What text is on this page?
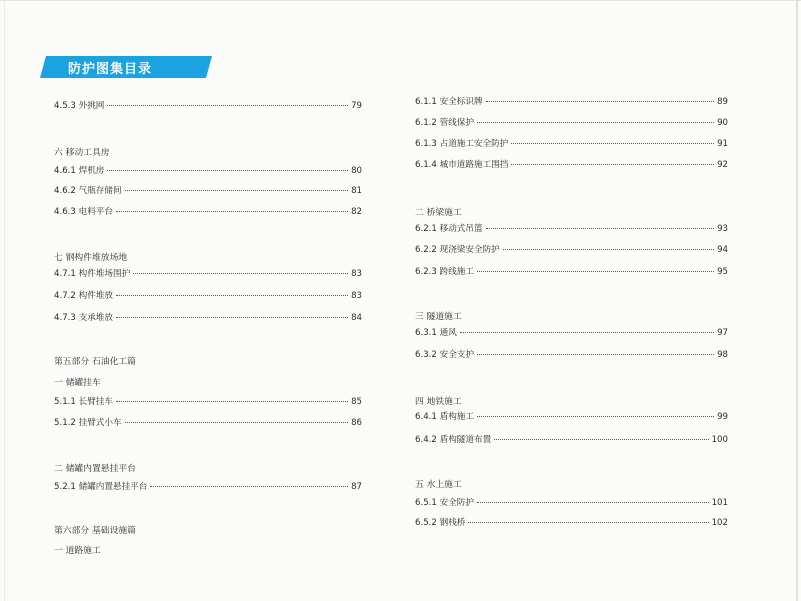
防护图集目录
4.5.3 外挑网	79
六 移动工具房
4.6.1 焊机房	80
4.6.2 气瓶存储间	81
4.6.3 电料平台	82
七 钢构件堆放场地
4.7.1 构件堆场围护	83
4.7.2 构件堆放	83
4.7.3 支承堆放	84
第五部分 石油化工篇
一 储罐挂车
5.1.1 长臂挂车	85
5.1.2 挂臂式小车	86
二 储罐内置悬挂平台
5.2.1 储罐内置悬挂平台	87
第六部分 基础设施篇
一 道路施工
6.1.1 安全标识牌	89
6.1.2 管线保护	90
6.1.3 占道施工安全防护	91
6.1.4 城市道路施工围挡	92
二 桥梁施工
6.2.1 移动式吊篮	93
6.2.2 现浇梁安全防护	94
6.2.3 跨线施工	95
三 隧道施工
6.3.1 通风	97
6.3.2 安全支护	98
四 地铁施工
6.4.1 盾构施工	99
6.4.2 盾构隧道布置	100
五 水上施工
6.5.1 安全防护	101
6.5.2 钢栈桥	102
